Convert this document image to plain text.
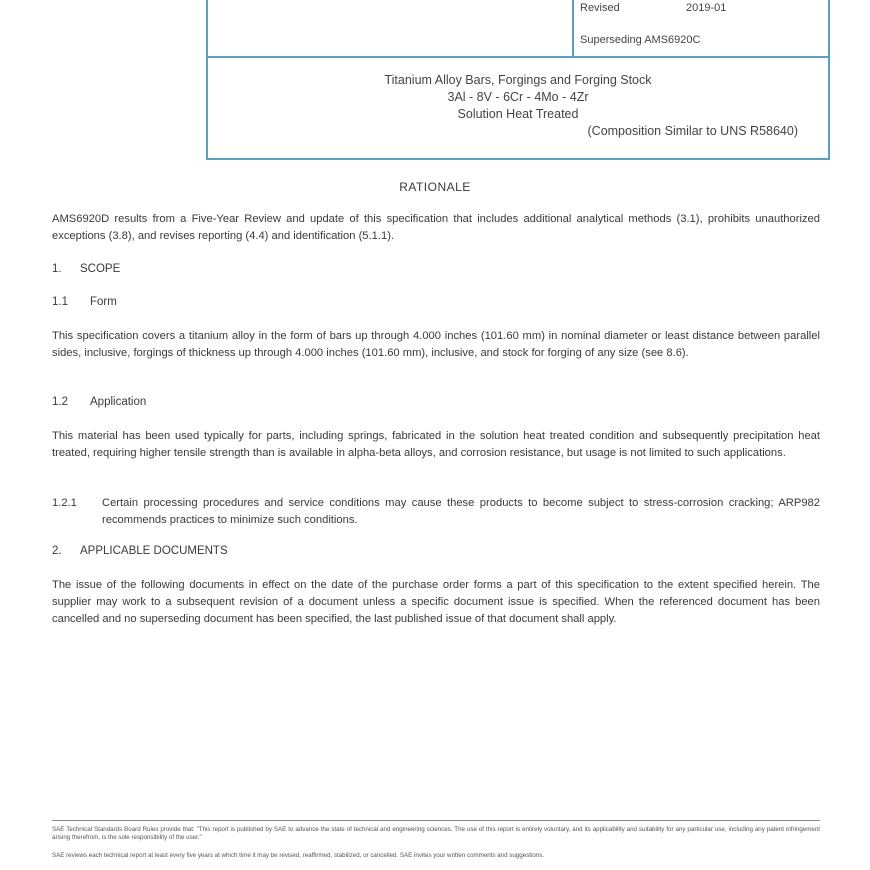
Revised	2019-01
Superseding AMS6920C
Titanium Alloy Bars, Forgings and Forging Stock
3Al - 8V - 6Cr - 4Mo - 4Zr
Solution Heat Treated
(Composition Similar to UNS R58640)
RATIONALE
AMS6920D results from a Five-Year Review and update of this specification that includes additional analytical methods (3.1), prohibits unauthorized exceptions (3.8), and revises reporting (4.4) and identification (5.1.1).
1. SCOPE
1.1 Form
This specification covers a titanium alloy in the form of bars up through 4.000 inches (101.60 mm) in nominal diameter or least distance between parallel sides, inclusive, forgings of thickness up through 4.000 inches (101.60 mm), inclusive, and stock for forging of any size (see 8.6).
1.2 Application
This material has been used typically for parts, including springs, fabricated in the solution heat treated condition and subsequently precipitation heat treated, requiring higher tensile strength than is available in alpha-beta alloys, and corrosion resistance, but usage is not limited to such applications.
1.2.1	Certain processing procedures and service conditions may cause these products to become subject to stress-corrosion cracking; ARP982 recommends practices to minimize such conditions.
2. APPLICABLE DOCUMENTS
The issue of the following documents in effect on the date of the purchase order forms a part of this specification to the extent specified herein. The supplier may work to a subsequent revision of a document unless a specific document issue is specified. When the referenced document has been cancelled and no superseding document has been specified, the last published issue of that document shall apply.
SAE Technical Standards Board Rules provide that: "This report is published by SAE to advance the state of technical and engineering sciences. The use of this report is entirely voluntary, and its applicability and suitability for any particular use, including any patent infringement arising therefrom, is the sole responsibility of the user."
SAE reviews each technical report at least every five years at which time it may be revised, reaffirmed, stabilized, or cancelled. SAE invites your written comments and suggestions.
